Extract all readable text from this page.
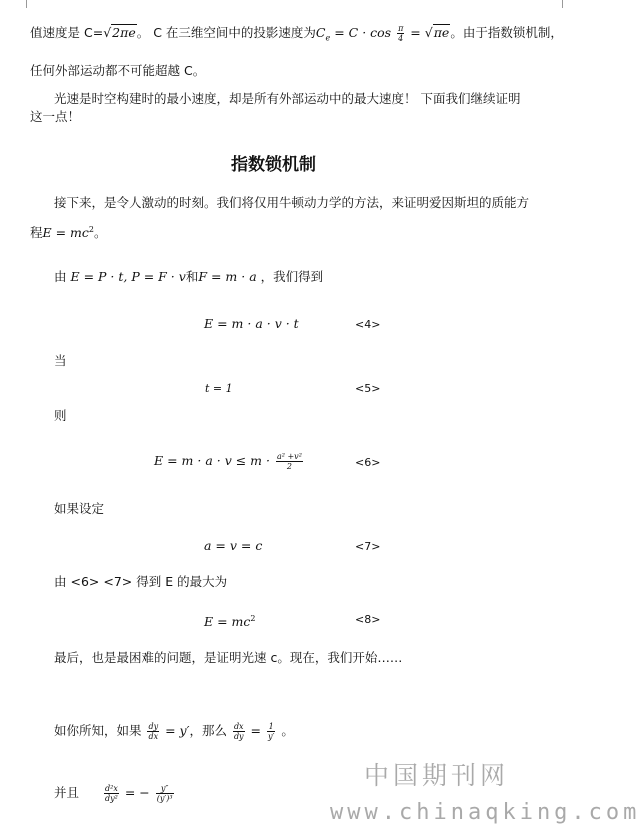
值速度是 C=√2πe。 C 在三维空间中的投影速度为$C_e = C \cdot \cos \frac{\pi}{4} = √\pi e$。由于指数锁机制，
任何外部运动都不可能超越 C。
光速是时空构建时的最小速度，却是所有外部运动中的最大速度！ 下面我们继续证明
这一点！
指数锁机制
接下来，是令人激动的时刻。我们将仅用牛顿动力学的方法，来证明爱因斯坦的质能方
程$E = mc^2$。
由 E = P · t, P = F · v和F = m · a ，我们得到
E = m · a · v · t	<4>
当
t = 1	<5>
则
$E = m \cdot a \cdot v \le m \cdot \frac{\text{a² +v²}}{2}$	<6>
如果设定
a = v = c	<7>
由 <6> <7> 得到 E 的最大为
$E = mc^2$	<8>
最后，也是最困难的问题，是证明光速 c。现在，我们开始……
如你所知，如果 $\frac{dy}{dx} = y'$，那么 $\frac{dx}{dy} = \frac{1}{y'}$ 。
并且	$\frac{\text{d²x}}{\text{dy²}}$ = − $\frac{y''}{\text{(y′)³}}$
中国期刊网
www.chinaqking.com
